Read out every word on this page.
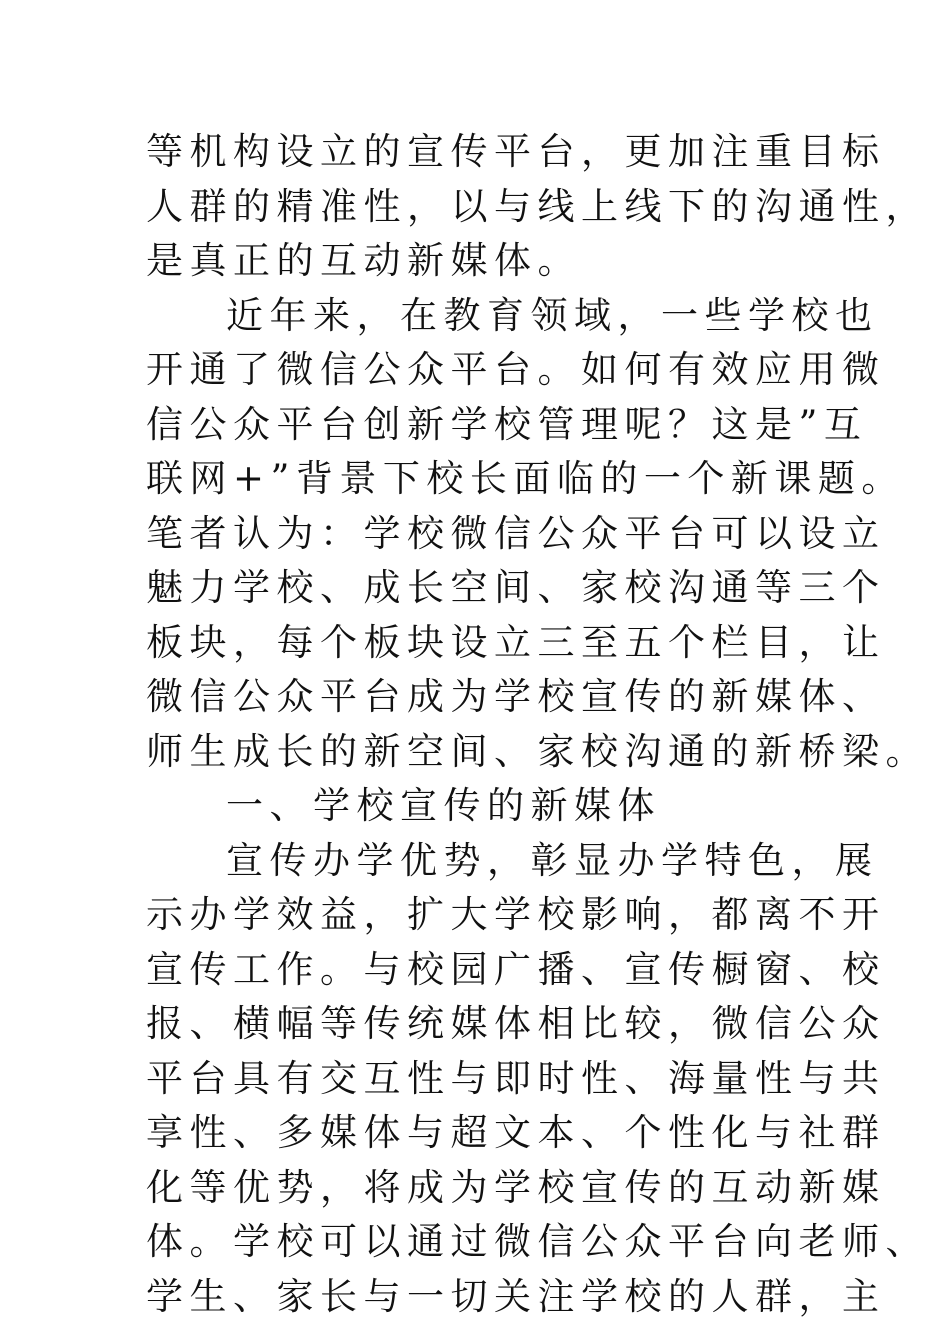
等机构设立的宣传平台，更加注重目标
人群的精准性，以与线上线下的沟通性，
是真正的互动新媒体。
近年来，在教育领域，一些学校也
开通了微信公众平台。如何有效应用微
信公众平台创新学校管理呢？这是”互
联网+”背景下校长面临的一个新课题。
笔者认为：学校微信公众平台可以设立
魅力学校、成长空间、家校沟通等三个
板块，每个板块设立三至五个栏目，让
微信公众平台成为学校宣传的新媒体、
师生成长的新空间、家校沟通的新桥梁。
一、学校宣传的新媒体
宣传办学优势，彰显办学特色，展
示办学效益，扩大学校影响，都离不开
宣传工作。与校园广播、宣传橱窗、校
报、横幅等传统媒体相比较，微信公众
平台具有交互性与即时性、海量性与共
享性、多媒体与超文本、个性化与社群
化等优势，将成为学校宣传的互动新媒
体。学校可以通过微信公众平台向老师、
学生、家长与一切关注学校的人群，主
